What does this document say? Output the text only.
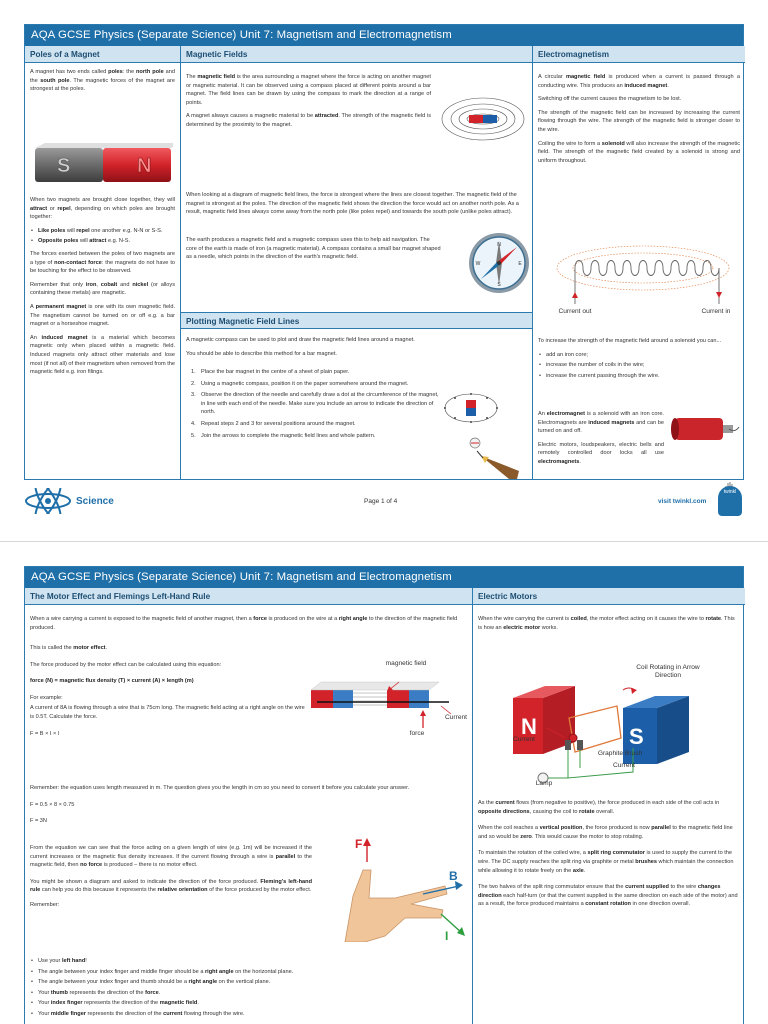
AQA GCSE Physics (Separate Science) Unit 7: Magnetism and Electromagnetism
Poles of a Magnet

A magnet has two ends called poles: the north pole and the south pole. The magnetic forces of the magnet are strongest at the poles.

S	N

When two magnets are brought close together, they will attract or repel, depending on which poles are brought together:

• Like poles will repel one another e.g. N-N or S-S.
• Opposite poles will attract e.g. N-S.

The forces exerted between the poles of two magnets are a type of non-contact force: the magnets do not have to be touching for the effect to be observed.

Remember that only iron, cobalt and nickel (or alloys containing these metals) are magnetic.

A permanent magnet is one with its own magnetic field. The magnetism cannot be turned on or off e.g. a bar magnet or a horseshoe magnet.

An induced magnet is a material which becomes magnetic only when placed within a magnetic field. Induced magnets only attract other materials and lose most (if not all) of their magnetism when removed from the magnetic field e.g. iron filings.

Magnetic Fields

The magnetic field is the area surrounding a magnet where the force is acting on another magnet or magnetic material. It can be observed using a compass placed at different points around a bar magnet. The field lines can be drawn by using the compass to mark the direction at a range of points.

A magnet always causes a magnetic material to be attracted. The strength of the magnetic field is determined by the proximity to the magnet.

When looking at a diagram of magnetic field lines, the force is strongest where the lines are closest together. The magnetic field of the magnet is strongest at the poles. The direction of the magnetic field shows the direction the force would act on another north pole. As a result, magnetic field lines always come away from the north pole (like poles repel) and towards the south pole (unlike poles attract).

The earth produces a magnetic field and a magnetic compass uses this to help aid navigation. The core of the earth is made of iron (a magnetic material). A compass contains a small bar magnet shaped as a needle, which points in the direction of the earth's magnetic field.

N
S
E
W
Plotting Magnetic Field Lines

A magnetic compass can be used to plot and draw the magnetic field lines around a magnet.

You should be able to describe this method for a bar magnet.

1. Place the bar magnet in the centre of a sheet of plain paper.
2. Using a magnetic compass, position it on the paper somewhere around the magnet.
3. Observe the direction of the needle and carefully draw a dot at the circumference of the magnet, in line with each end of the needle. Make sure you include an arrow to indicate the direction of north.
4. Repeat steps 2 and 3 for several positions around the magnet.
5. Join the arrows to complete the magnetic field lines and whole pattern.
Electromagnetism

A circular magnetic field is produced when a current is passed through a conducting wire. This produces an induced magnet.

Switching off the current causes the magnetism to be lost.

The strength of the magnetic field can be increased by increasing the current flowing through the wire. The strength of the magnetic field is stronger closer to the wire.

Coiling the wire to form a solenoid will also increase the strength of the magnetic field. The strength of the magnetic field created by a solenoid is strong and uniform throughout.

Current out	Current in

To increase the strength of the magnetic field around a solenoid you can...

• add an iron core;
• increase the number of coils in the wire;
• increase the current passing through the wire.

An electromagnet is a solenoid with an iron core. Electromagnets are induced magnets and can be turned on and off.

Electric motors, loudspeakers, electric bells and remotely controlled door locks all use electromagnets.

Science	Page 1 of 4	visit twinkl.com
twinkl
AQA GCSE Physics (Separate Science) Unit 7: Magnetism and Electromagnetism
The Motor Effect and Flemings Left-Hand Rule

When a wire carrying a current is exposed to the magnetic field of another magnet, then a force is produced on the wire at a right angle to the direction of the magnetic field produced.

This is called the motor effect.

The force produced by the motor effect can be calculated using this equation:

force (N) = magnetic flux density (T) × current (A) × length (m)

For example:

A current of 8A is flowing through a wire that is 75cm long. The magnetic field acting at a right angle on the wire is 0.5T. Calculate the force.

F = B × I × l

Remember: the equation uses length measured in m. The question gives you the length in cm so you need to convert it before you calculate your answer.

F = 0.5 × 8 × 0.75

F = 3N

From the equation we can see that the force acting on a given length of wire (e.g. 1m) will be increased if the current increases or the magnetic flux density increases. If the current flowing through a wire is parallel to the magnetic field, then no force is produced – there is no motor effect.

You might be shown a diagram and asked to indicate the direction of the force produced. Fleming's left-hand rule can help you do this because it represents the relative orientation of the force produced by the motor effect.

Remember:

• Use your left hand!
• The angle between your index finger and middle finger should be a right angle on the horizontal plane.
• The angle between your index finger and thumb should be a right angle on the vertical plane.
• Your thumb represents the direction of the force.
• Your index finger represents the direction of the magnetic field.
• Your middle finger represents the direction of the current flowing through the wire.
magnetic field
Current
force
F
B
I
Electric Motors

When the wire carrying the current is coiled, the motor effect acting on it causes the wire to rotate. This is how an electric motor works.

N	S
Coil Rotating in Arrow Direction
Current
Graphite Brush
Current
Lamp

As the current flows (from negative to positive), the force produced in each side of the coil acts in opposite directions, causing the coil to rotate overall.

When the coil reaches a vertical position, the force produced is now parallel to the magnetic field line and so would be zero. This would cause the motor to stop rotating.

To maintain the rotation of the coiled wire, a split ring commutator is used to supply the current to the wire. The DC supply reaches the split ring via graphite or metal brushes which maintain the connection while allowing it to rotate freely on the axle.

The two halves of the split ring commutator ensure that the current supplied to the wire changes direction each half-turn (or that the current supplied is the same direction on each side of the motor) and as a result, the force produced maintains a constant rotation in one direction overall.
